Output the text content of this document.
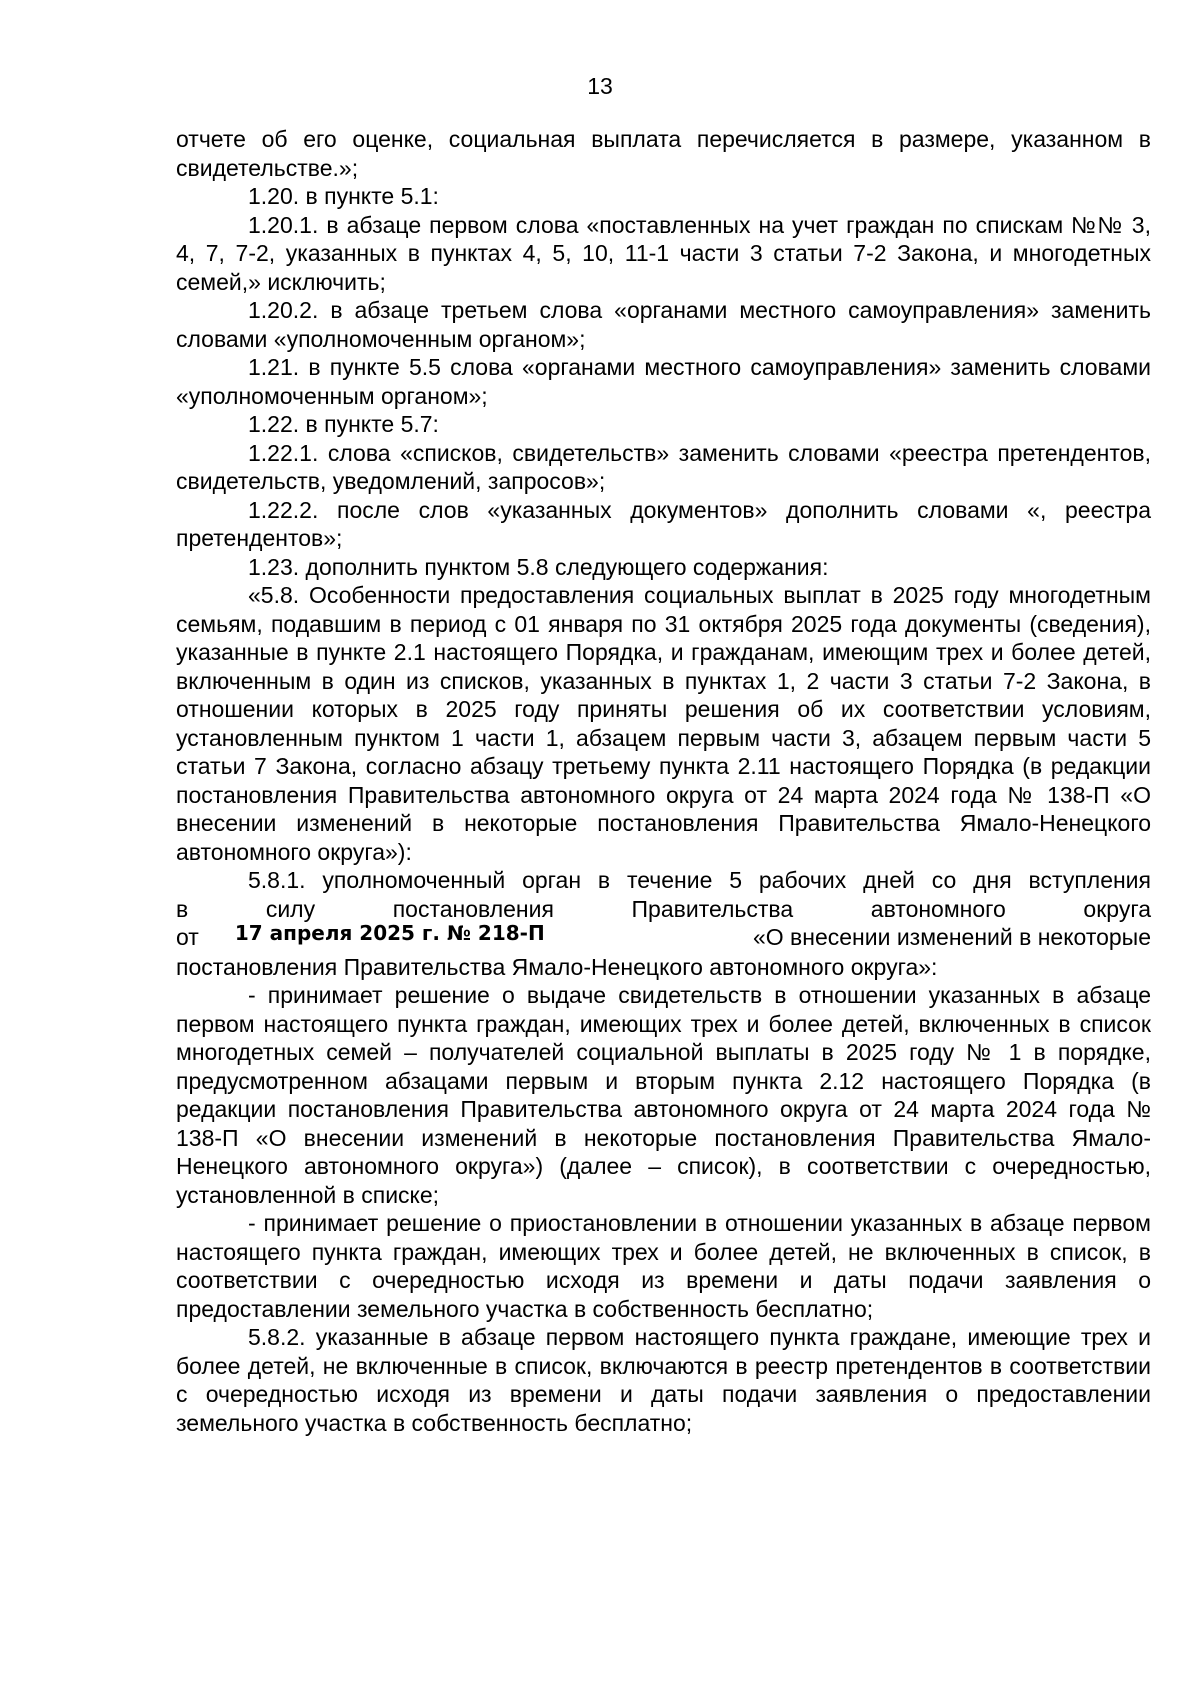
13

отчете об его оценке, социальная выплата перечисляется в размере, указанном в свидетельстве.»;

1.20. в пункте 5.1:

1.20.1. в абзаце первом слова «поставленных на учет граждан по спискам №№ 3, 4, 7, 7-2, указанных в пунктах 4, 5, 10, 11-1 части 3 статьи 7-2 Закона, и многодетных семей,» исключить;

1.20.2. в абзаце третьем слова «органами местного самоуправления» заменить словами «уполномоченным органом»;

1.21. в пункте 5.5 слова «органами местного самоуправления» заменить словами «уполномоченным органом»;

1.22. в пункте 5.7:

1.22.1. слова «списков, свидетельств» заменить словами «реестра претендентов, свидетельств, уведомлений, запросов»;

1.22.2. после слов «указанных документов» дополнить словами «, реестра претендентов»;

1.23. дополнить пунктом 5.8 следующего содержания:

«5.8. Особенности предоставления социальных выплат в 2025 году многодетным семьям, подавшим в период с 01 января по 31 октября 2025 года документы (сведения), указанные в пункте 2.1 настоящего Порядка, и гражданам, имеющим трех и более детей, включенным в один из списков, указанных в пунктах 1, 2 части 3 статьи 7-2 Закона, в отношении которых в 2025 году приняты решения об их соответствии условиям, установленным пунктом 1 части 1, абзацем первым части 3, абзацем первым части 5 статьи 7 Закона, согласно абзацу третьему пункта 2.11 настоящего Порядка (в редакции постановления Правительства автономного округа от 24 марта 2024 года № 138-П «О внесении изменений в некоторые постановления Правительства Ямало-Ненецкого автономного округа»):

5.8.1. уполномоченный орган в течение 5 рабочих дней со дня вступления
в силу постановления Правительства автономного округа
от 17 апреля 2025 г. № 218-П	«О внесении изменений в некоторые
постановления Правительства Ямало-Ненецкого автономного округа»:

- принимает решение о выдаче свидетельств в отношении указанных в абзаце первом настоящего пункта граждан, имеющих трех и более детей, включенных в список многодетных семей – получателей социальной выплаты в 2025 году № 1 в порядке, предусмотренном абзацами первым и вторым пункта 2.12 настоящего Порядка (в редакции постановления Правительства автономного округа от 24 марта 2024 года № 138-П «О внесении изменений в некоторые постановления Правительства Ямало-Ненецкого автономного округа») (далее – список), в соответствии с очередностью, установленной в списке;

- принимает решение о приостановлении в отношении указанных в абзаце первом настоящего пункта граждан, имеющих трех и более детей, не включенных в список, в соответствии с очередностью исходя из времени и даты подачи заявления о предоставлении земельного участка в собственность бесплатно;

5.8.2. указанные в абзаце первом настоящего пункта граждане, имеющие трех и более детей, не включенные в список, включаются в реестр претендентов в соответствии с очередностью исходя из времени и даты подачи заявления о предоставлении земельного участка в собственность бесплатно;
